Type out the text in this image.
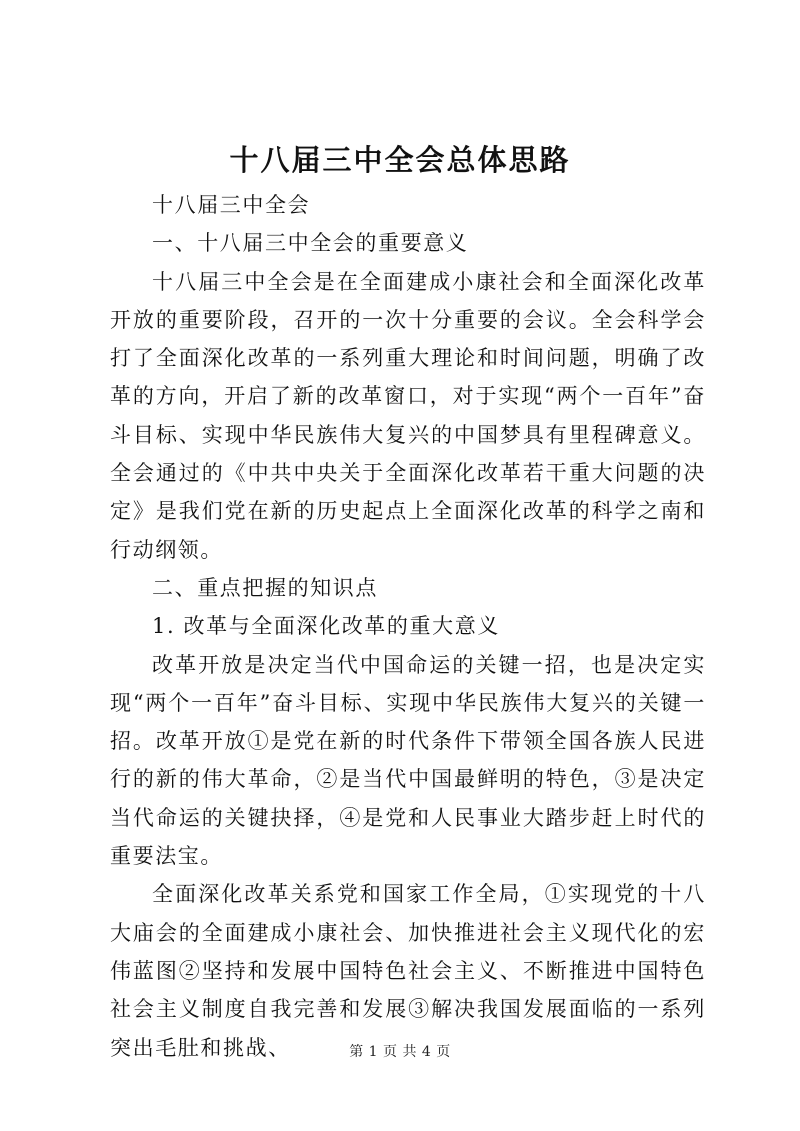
十八届三中全会总体思路

十八届三中全会

一、十八届三中全会的重要意义

十八届三中全会是在全面建成小康社会和全面深化改革开放的重要阶段，召开的一次十分重要的会议。全会科学会打了全面深化改革的一系列重大理论和时间问题，明确了改革的方向，开启了新的改革窗口，对于实现“两个一百年”奋斗目标、实现中华民族伟大复兴的中国梦具有里程碑意义。全会通过的《中共中央关于全面深化改革若干重大问题的决定》是我们党在新的历史起点上全面深化改革的科学之南和行动纲领。

二、重点把握的知识点

1. 改革与全面深化改革的重大意义

改革开放是决定当代中国命运的关键一招，也是决定实现“两个一百年”奋斗目标、实现中华民族伟大复兴的关键一招。改革开放①是党在新的时代条件下带领全国各族人民进行的新的伟大革命，②是当代中国最鲜明的特色，③是决定当代命运的关键抉择，④是党和人民事业大踏步赶上时代的重要法宝。

全面深化改革关系党和国家工作全局，①实现党的十八大庙会的全面建成小康社会、加快推进社会主义现代化的宏伟蓝图②坚持和发展中国特色社会主义、不断推进中国特色社会主义制度自我完善和发展③解决我国发展面临的一系列突出毛肚和挑战、	第 1 页 共 4 页
